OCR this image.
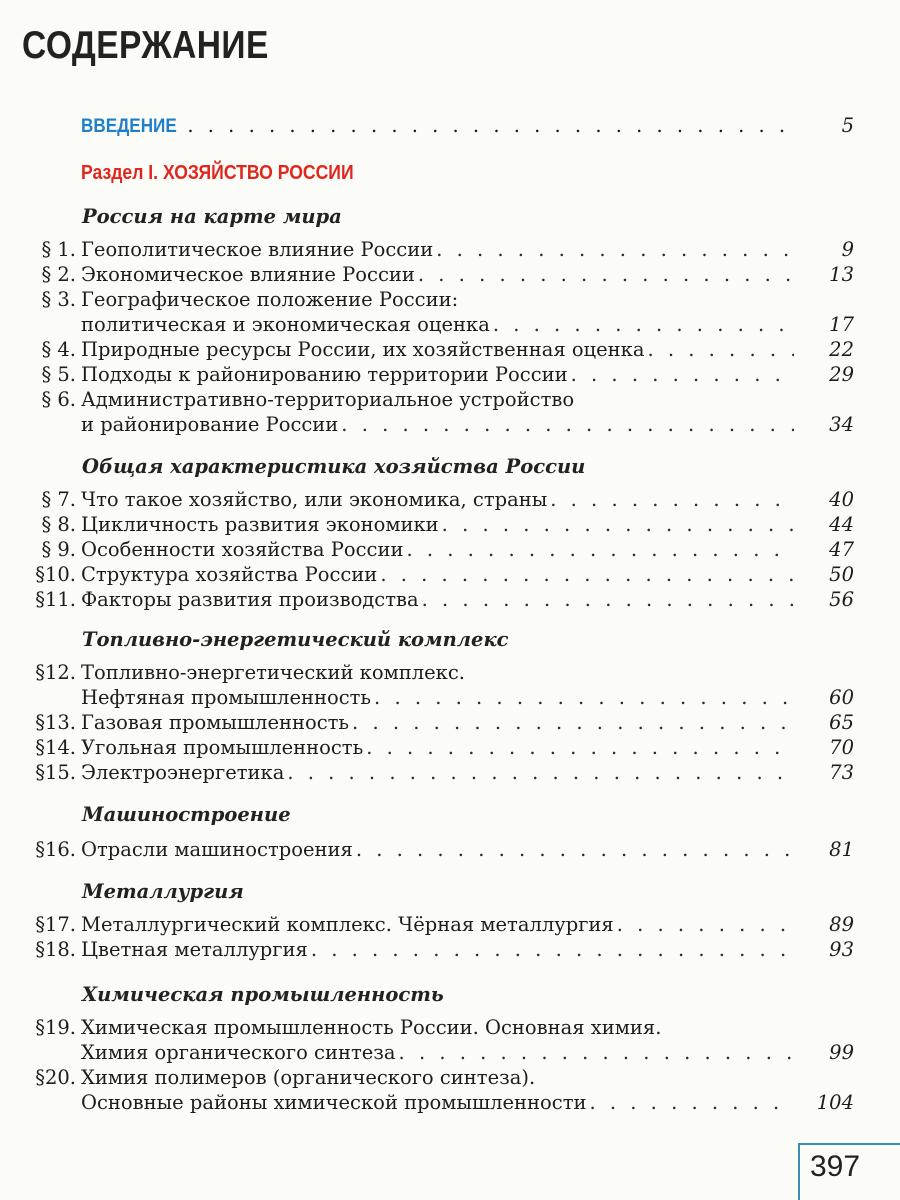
СОДЕРЖАНИЕ
ВВЕДЕНИЕ . . .	5
Раздел I. ХОЗЯЙСТВО РОССИИ
Россия на карте мира
§ 1. Геополитическое влияние России . . .	9
§ 2. Экономическое влияние России . . .	13
§ 3. Географическое положение России:
политическая и экономическая оценка . . .	17
§ 4. Природные ресурсы России, их хозяйственная оценка . . .	22
§ 5. Подходы к районированию территории России . . .	29
§ 6. Административно-территориальное устройство
и районирование России . . .	34
Общая характеристика хозяйства России
§ 7. Что такое хозяйство, или экономика, страны . . .	40
§ 8. Цикличность развития экономики . . .	44
§ 9. Особенности хозяйства России . . .	47
§10. Структура хозяйства России . . .	50
§11. Факторы развития производства . . .	56
Топливно-энергетический комплекс
§12. Топливно-энергетический комплекс.
Нефтяная промышленность . . .	60
§13. Газовая промышленность . . .	65
§14. Угольная промышленность . . .	70
§15. Электроэнергетика . . .	73
Машиностроение
§16. Отрасли машиностроения . . .	81
Металлургия
§17. Металлургический комплекс. Чёрная металлургия . . .	89
§18. Цветная металлургия . . .	93
Химическая промышленность
§19. Химическая промышленность России. Основная химия.
Химия органического синтеза . . .	99
§20. Химия полимеров (органического синтеза).
Основные районы химической промышленности . . .	104
397
